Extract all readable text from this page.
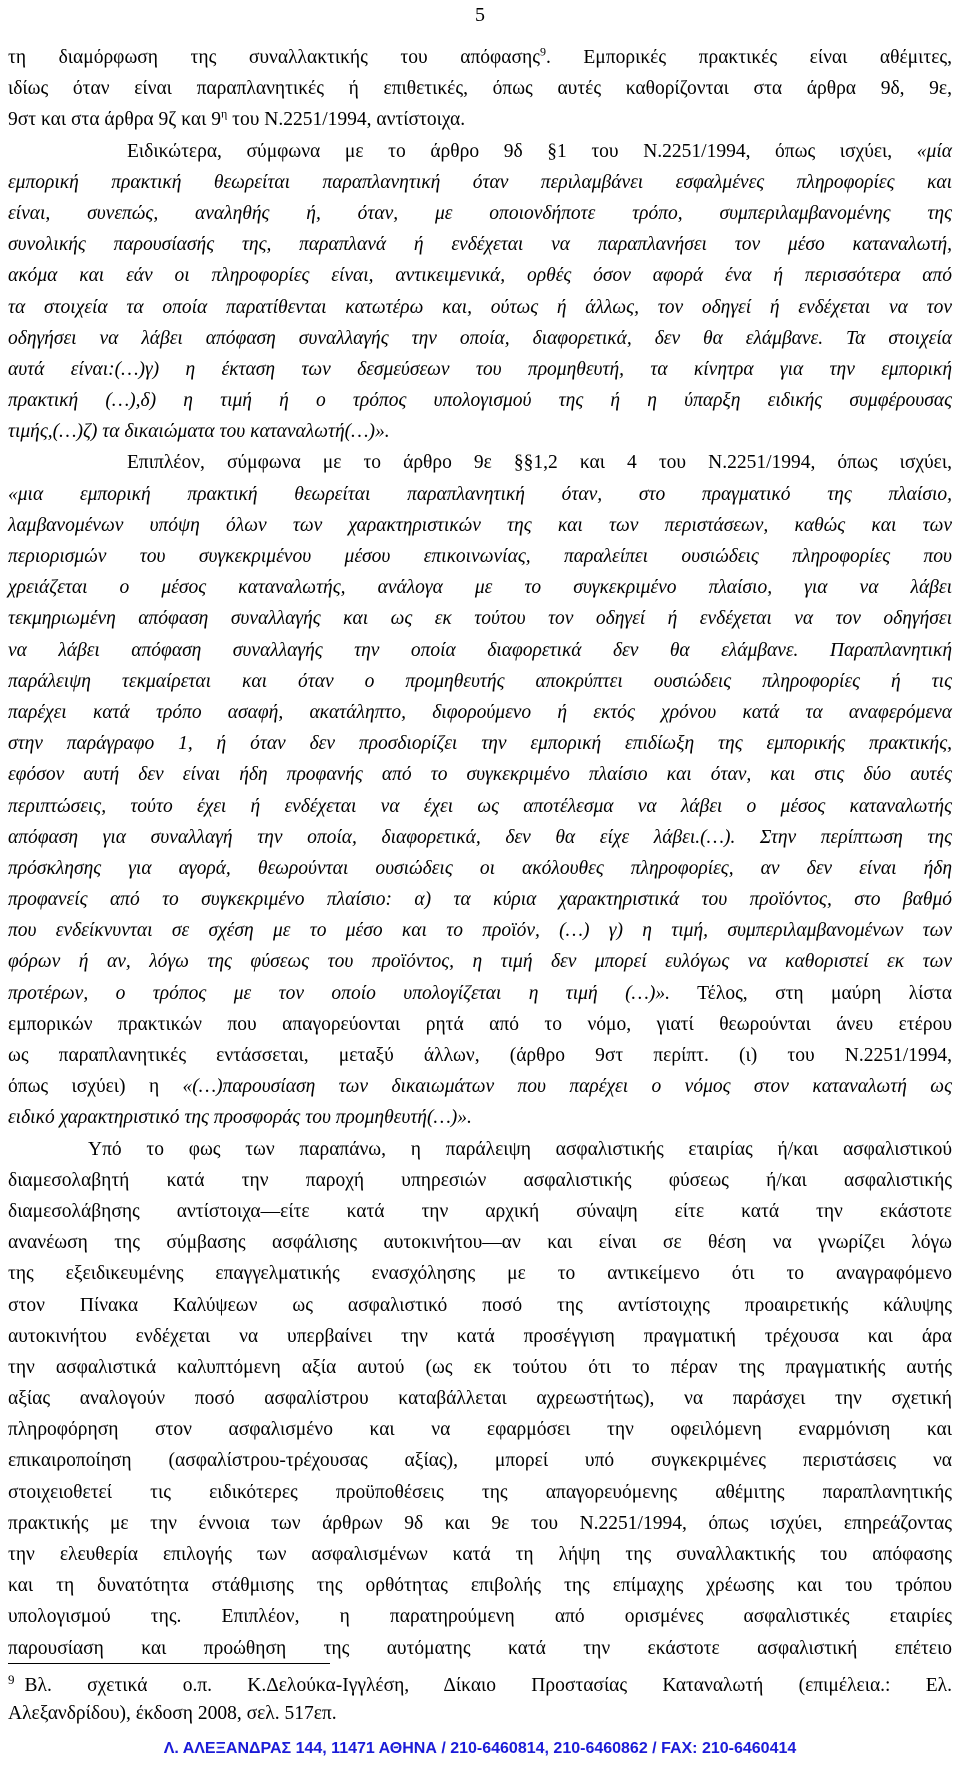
5
τη διαμόρφωση της συναλλακτικής του απόφασης$^9$. Εμπορικές πρακτικές είναι αθέμιτες,
ιδίως όταν είναι παραπλανητικές ή επιθετικές, όπως αυτές καθορίζονται στα άρθρα 9δ, 9ε,
9στ και στα άρθρα 9ζ και $9^\eta$ του Ν.2251/1994, αντίστοιχα.
Ειδικώτερα, σύμφωνα με το άρθρο 9δ §1 του Ν.2251/1994, όπως ισχύει, «μία
εμπορική πρακτική θεωρείται παραπλανητική όταν περιλαμβάνει εσφαλμένες πληροφορίες και
είναι, συνεπώς, αναληθής ή, όταν, με οποιονδήποτε τρόπο, συμπεριλαμβανομένης της
συνολικής παρουσίασής της, παραπλανά ή ενδέχεται να παραπλανήσει τον μέσο καταναλωτή,
ακόμα και εάν οι πληροφορίες είναι, αντικειμενικά, ορθές όσον αφορά ένα ή περισσότερα από
τα στοιχεία τα οποία παρατίθενται κατωτέρω και, ούτως ή άλλως, τον οδηγεί ή ενδέχεται να τον
οδηγήσει να λάβει απόφαση συναλλαγής την οποία, διαφορετικά, δεν θα ελάμβανε. Τα στοιχεία
αυτά είναι:(…)γ) η έκταση των δεσμεύσεων του προμηθευτή, τα κίνητρα για την εμπορική
πρακτική (…),δ) η τιμή ή ο τρόπος υπολογισμού της ή η ύπαρξη ειδικής συμφέρουσας
τιμής,(…)ζ) τα δικαιώματα του καταναλωτή(…)».
Επιπλέον, σύμφωνα με το άρθρο 9ε §§1,2 και 4 του Ν.2251/1994, όπως ισχύει,
«μια εμπορική πρακτική θεωρείται παραπλανητική όταν, στο πραγματικό της πλαίσιο,
λαμβανομένων υπόψη όλων των χαρακτηριστικών της και των περιστάσεων, καθώς και των
περιορισμών του συγκεκριμένου μέσου επικοινωνίας, παραλείπει ουσιώδεις πληροφορίες που
χρειάζεται ο μέσος καταναλωτής, ανάλογα με το συγκεκριμένο πλαίσιο, για να λάβει
τεκμηριωμένη απόφαση συναλλαγής και ως εκ τούτου τον οδηγεί ή ενδέχεται να τον οδηγήσει
να λάβει απόφαση συναλλαγής την οποία διαφορετικά δεν θα ελάμβανε. Παραπλανητική
παράλειψη τεκμαίρεται και όταν ο προμηθευτής αποκρύπτει ουσιώδεις πληροφορίες ή τις
παρέχει κατά τρόπο ασαφή, ακατάληπτο, διφορούμενο ή εκτός χρόνου κατά τα αναφερόμενα
στην παράγραφο 1, ή όταν δεν προσδιορίζει την εμπορική επιδίωξη της εμπορικής πρακτικής,
εφόσον αυτή δεν είναι ήδη προφανής από το συγκεκριμένο πλαίσιο και όταν, και στις δύο αυτές
περιπτώσεις, τούτο έχει ή ενδέχεται να έχει ως αποτέλεσμα να λάβει ο μέσος καταναλωτής
απόφαση για συναλλαγή την οποία, διαφορετικά, δεν θα είχε λάβει.(…). Στην περίπτωση της
πρόσκλησης για αγορά, θεωρούνται ουσιώδεις οι ακόλουθες πληροφορίες, αν δεν είναι ήδη
προφανείς από το συγκεκριμένο πλαίσιο: α) τα κύρια χαρακτηριστικά του προϊόντος, στο βαθμό
που ενδείκνυνται σε σχέση με το μέσο και το προϊόν, (…) γ) η τιμή, συμπεριλαμβανομένων των
φόρων ή αν, λόγω της φύσεως του προϊόντος, η τιμή δεν μπορεί ευλόγως να καθοριστεί εκ των
προτέρων, ο τρόπος με τον οποίο υπολογίζεται η τιμή (…)». Τέλος, στη μαύρη λίστα
εμπορικών πρακτικών που απαγορεύονται ρητά από το νόμο, γιατί θεωρούνται άνευ ετέρου
ως παραπλανητικές εντάσσεται, μεταξύ άλλων, (άρθρο 9στ περίπτ. (ι) του Ν.2251/1994,
όπως ισχύει) η «(…)παρουσίαση των δικαιωμάτων που παρέχει ο νόμος στον καταναλωτή ως
ειδικό χαρακτηριστικό της προσφοράς του προμηθευτή(…)».
Υπό το φως των παραπάνω, η παράλειψη ασφαλιστικής εταιρίας ή/και ασφαλιστικού
διαμεσολαβητή κατά την παροχή υπηρεσιών ασφαλιστικής φύσεως ή/και ασφαλιστικής
διαμεσολάβησης αντίστοιχα—είτε κατά την αρχική σύναψη είτε κατά την εκάστοτε
ανανέωση της σύμβασης ασφάλισης αυτοκινήτου—αν και είναι σε θέση να γνωρίζει λόγω
της εξειδικευμένης επαγγελματικής ενασχόλησης με το αντικείμενο ότι το αναγραφόμενο
στον Πίνακα Καλύψεων ως ασφαλιστικό ποσό της αντίστοιχης προαιρετικής κάλυψης
αυτοκινήτου ενδέχεται να υπερβαίνει την κατά προσέγγιση πραγματική τρέχουσα και άρα
την ασφαλιστικά καλυπτόμενη αξία αυτού (ως εκ τούτου ότι το πέραν της πραγματικής αυτής
αξίας αναλογούν ποσό ασφαλίστρου καταβάλλεται αχρεωστήτως), να παράσχει την σχετική
πληροφόρηση στον ασφαλισμένο και να εφαρμόσει την οφειλόμενη εναρμόνιση και
επικαιροποίηση (ασφαλίστρου-τρέχουσας αξίας), μπορεί υπό συγκεκριμένες περιστάσεις να
στοιχειοθετεί τις ειδικότερες προϋποθέσεις της απαγορευόμενης αθέμιτης παραπλανητικής
πρακτικής με την έννοια των άρθρων 9δ και 9ε του Ν.2251/1994, όπως ισχύει, επηρεάζοντας
την ελευθερία επιλογής των ασφαλισμένων κατά τη λήψη της συναλλακτικής του απόφασης
και τη δυνατότητα στάθμισης της ορθότητας επιβολής της επίμαχης χρέωσης και του τρόπου
υπολογισμού της. Επιπλέον, η παρατηρούμενη από ορισμένες ασφαλιστικές εταιρίες
παρουσίαση και προώθηση της αυτόματης κατά την εκάστοτε ασφαλιστική επέτειο
$^9$ Βλ. σχετικά ο.π. Κ.Δελούκα-Ιγγλέση, Δίκαιο Προστασίας Καταναλωτή (επιμέλεια.: Ελ.
Αλεξανδρίδου), έκδοση 2008, σελ. 517επ.
Λ. ΑΛΕΞΑΝΔΡΑΣ 144, 11471 ΑΘΗΝΑ / 210-6460814, 210-6460862 / FAX: 210-6460414
